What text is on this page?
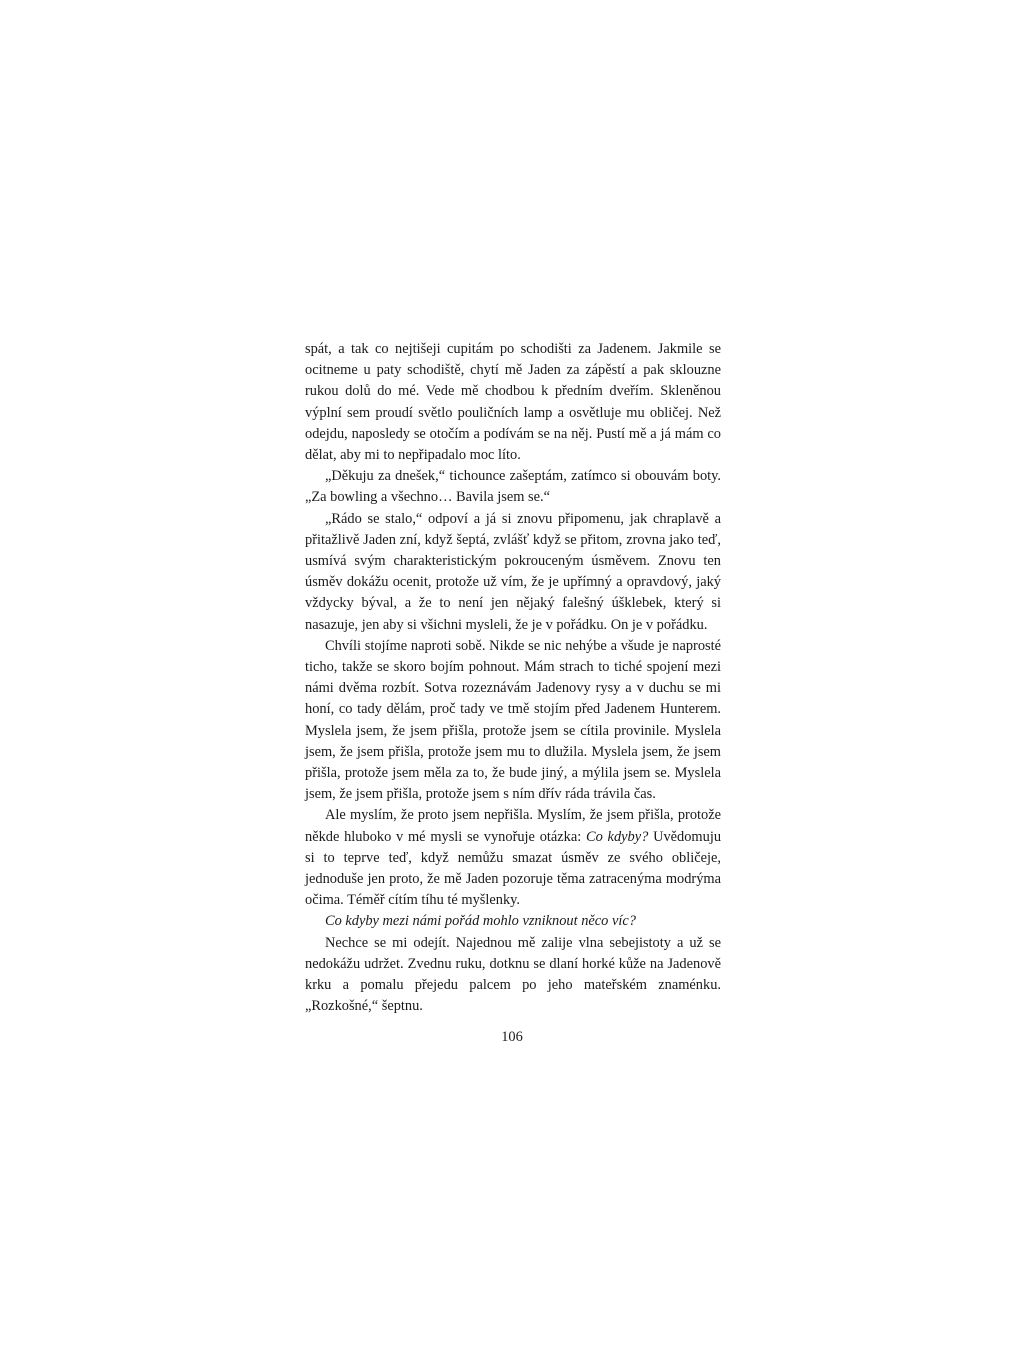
spát, a tak co nejtišeji cupitám po schodišti za Jadenem. Jakmile se ocitneme u paty schodiště, chytí mě Jaden za zápěstí a pak sklouzne rukou dolů do mé. Vede mě chodbou k předním dveřím. Skleněnou výplní sem proudí světlo pouličních lamp a osvětluje mu obličej. Než odejdu, naposledy se otočím a podívám se na něj. Pustí mě a já mám co dělat, aby mi to nepřipadalo moc líto.

„Děkuju za dnešek,“ tichounce zašeptám, zatímco si obouvám boty. „Za bowling a všechno… Bavila jsem se.“

„Rádo se stalo,“ odpoví a já si znovu připomenu, jak chraplavě a přitažlivě Jaden zní, když šeptá, zvlášť když se přitom, zrovna jako teď, usmívá svým charakteristickým pokrouceným úsměvem. Znovu ten úsměv dokážu ocenit, protože už vím, že je upřímný a opravdový, jaký vždycky býval, a že to není jen nějaký falešný úšklebek, který si nasazuje, jen aby si všichni mysleli, že je v pořádku. On je v pořádku.

Chvíli stojíme naproti sobě. Nikde se nic nehýbe a všude je naprosté ticho, takže se skoro bojím pohnout. Mám strach to tiché spojení mezi námi dvěma rozbít. Sotva rozeznávám Jadenovy rysy a v duchu se mi honí, co tady dělám, proč tady ve tmě stojím před Jadenem Hunterem. Myslela jsem, že jsem přišla, protože jsem se cítila provinile. Myslela jsem, že jsem přišla, protože jsem mu to dlužila. Myslela jsem, že jsem přišla, protože jsem měla za to, že bude jiný, a mýlila jsem se. Myslela jsem, že jsem přišla, protože jsem s ním dřív ráda trávila čas.

Ale myslím, že proto jsem nepřišla. Myslím, že jsem přišla, protože někde hluboko v mé mysli se vynořuje otázka: Co kdyby? Uvědomuju si to teprve teď, když nemůžu smazat úsměv ze svého obličeje, jednoduše jen proto, že mě Jaden pozoruje těma zatracenýma modrýma očima. Téměř cítím tíhu té myšlenky.

Co kdyby mezi námi pořád mohlo vzniknout něco víc?

Nechce se mi odejít. Najednou mě zalije vlna sebejistoty a už se nedokážu udržet. Zvednu ruku, dotknu se dlaní horké kůže na Jadenově krku a pomalu přejedu palcem po jeho mateřském znaménku. „Rozkošné,“ šeptnu.

106
